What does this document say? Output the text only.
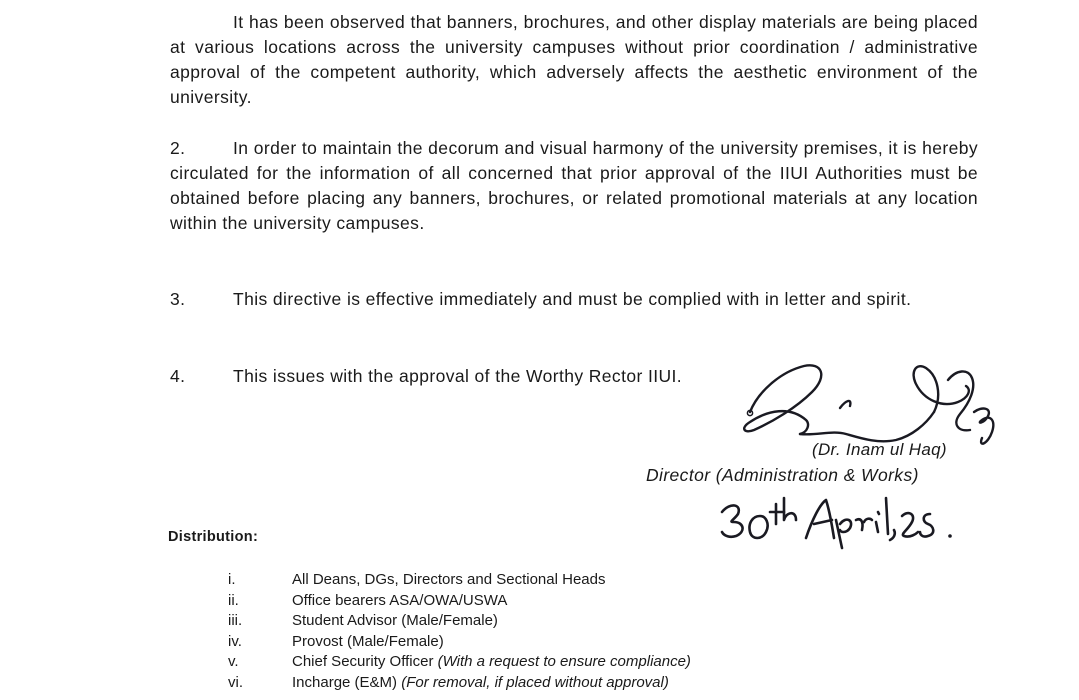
It has been observed that banners, brochures, and other display materials are being placed at various locations across the university campuses without prior coordination / administrative approval of the competent authority, which adversely affects the aesthetic environment of the university.
2.	In order to maintain the decorum and visual harmony of the university premises, it is hereby circulated for the information of all concerned that prior approval of the IIUI Authorities must be obtained before placing any banners, brochures, or related promotional materials at any location within the university campuses.
3.	This directive is effective immediately and must be complied with in letter and spirit.
4.	This issues with the approval of the Worthy Rector IIUI.
(Dr. Inam ul Haq)
Director (Administration & Works)
Distribution:
i.	All Deans, DGs, Directors and Sectional Heads
ii.	Office bearers ASA/OWA/USWA
iii.	Student Advisor (Male/Female)
iv.	Provost (Male/Female)
v.	Chief Security Officer (With a request to ensure compliance)
vi.	Incharge (E&M) (For removal, if placed without approval)
